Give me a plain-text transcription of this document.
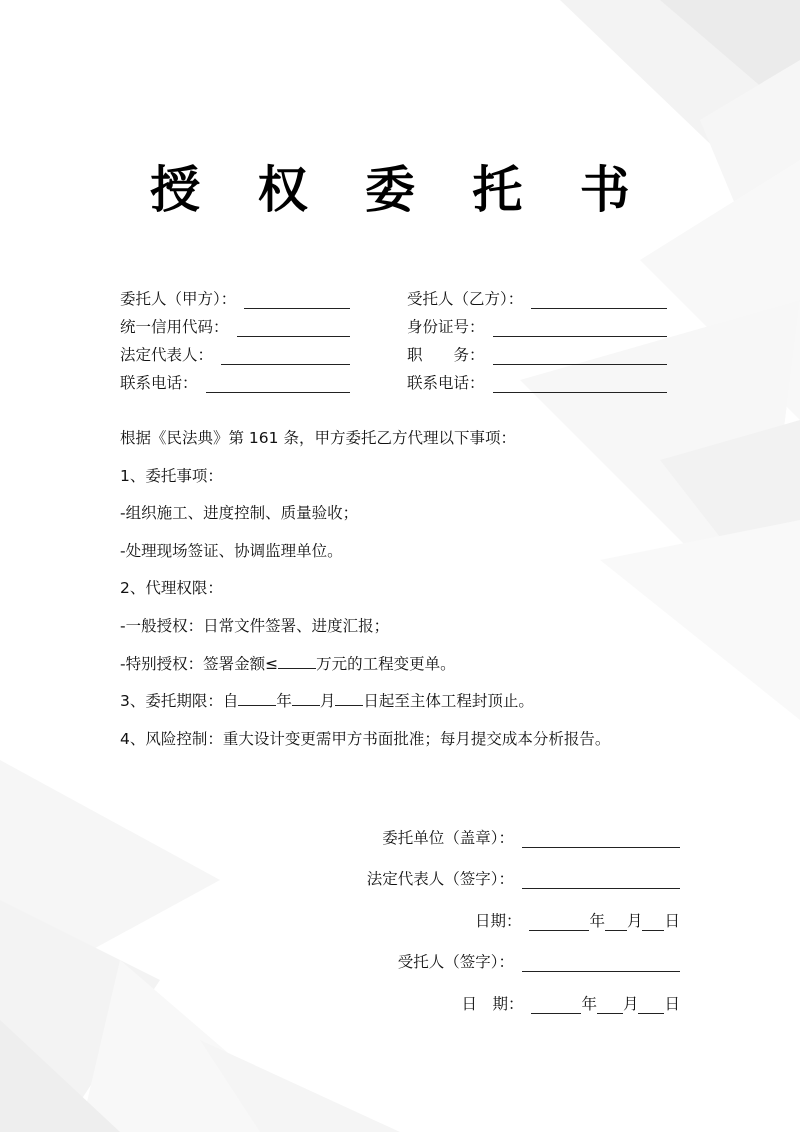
授 权 委 托 书
委托人（甲方）：
统一信用代码：
法定代表人：
联系电话：
受托人（乙方）：
身份证号：
职　　务：
联系电话：
根据《民法典》第 161 条，甲方委托乙方代理以下事项：
1、委托事项：
-组织施工、进度控制、质量验收；
-处理现场签证、协调监理单位。
2、代理权限：
-一般授权：日常文件签署、进度汇报；
-特别授权：签署金额≤ 万元的工程变更单。
3、委托期限：自 年 月 日起至主体工程封顶止。
4、风险控制：重大设计变更需甲方书面批准；每月提交成本分析报告。
委托单位（盖章）：
法定代表人（签字）：
日期：	年 月 日
受托人（签字）：
日　期：	年 月 日
